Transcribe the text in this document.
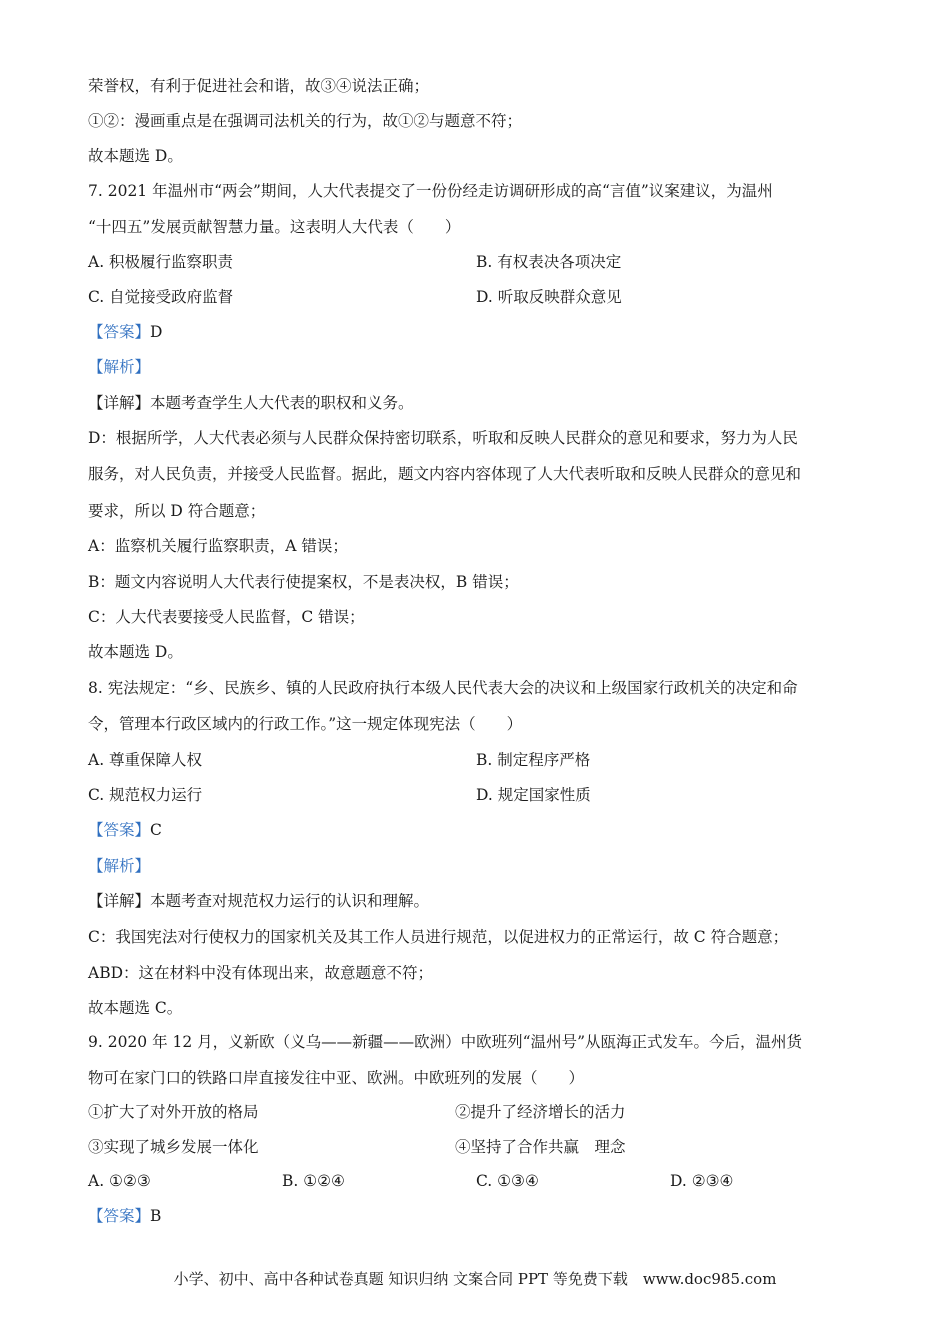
荣誉权，有利于促进社会和谐，故③④说法正确；
①②：漫画重点是在强调司法机关的行为，故①②与题意不符；
故本题选 D。
7. 2021 年温州市“两会”期间，人大代表提交了一份份经走访调研形成的高“言值”议案建议，为温州
“十四五”发展贡献智慧力量。这表明人大代表（　　）
A. 积极履行监察职责	B. 有权表决各项决定
C. 自觉接受政府监督	D. 听取反映群众意见
【答案】D
【解析】
【详解】本题考查学生人大代表的职权和义务。
D：根据所学，人大代表必须与人民群众保持密切联系，听取和反映人民群众的意见和要求，努力为人民
服务，对人民负责，并接受人民监督。据此，题文内容内容体现了人大代表听取和反映人民群众的意见和
要求，所以 D 符合题意；
A：监察机关履行监察职责，A 错误；
B：题文内容说明人大代表行使提案权，不是表决权，B 错误；
C：人大代表要接受人民监督，C 错误；
故本题选 D。
8. 宪法规定：“乡、民族乡、镇的人民政府执行本级人民代表大会的决议和上级国家行政机关的决定和命
令，管理本行政区域内的行政工作。”这一规定体现宪法（　　）
A. 尊重保障人权	B. 制定程序严格
C. 规范权力运行	D. 规定国家性质
【答案】C
【解析】
【详解】本题考查对规范权力运行的认识和理解。
C：我国宪法对行使权力的国家机关及其工作人员进行规范，以促进权力的正常运行，故 C 符合题意；
ABD：这在材料中没有体现出来，故意题意不符；
故本题选 C。
9. 2020 年 12 月，义新欧（义乌——新疆——欧洲）中欧班列“温州号”从瓯海正式发车。今后，温州货
物可在家门口的铁路口岸直接发往中亚、欧洲。中欧班列的发展（　　）
①扩大了对外开放的格局	②提升了经济增长的活力
③实现了城乡发展一体化	④坚持了合作共赢　理念
A. ①②③	B. ①②④	C. ①③④	D. ②③④
【答案】B
小学、初中、高中各种试卷真题 知识归纳 文案合同 PPT 等免费下载　www.doc985.com
